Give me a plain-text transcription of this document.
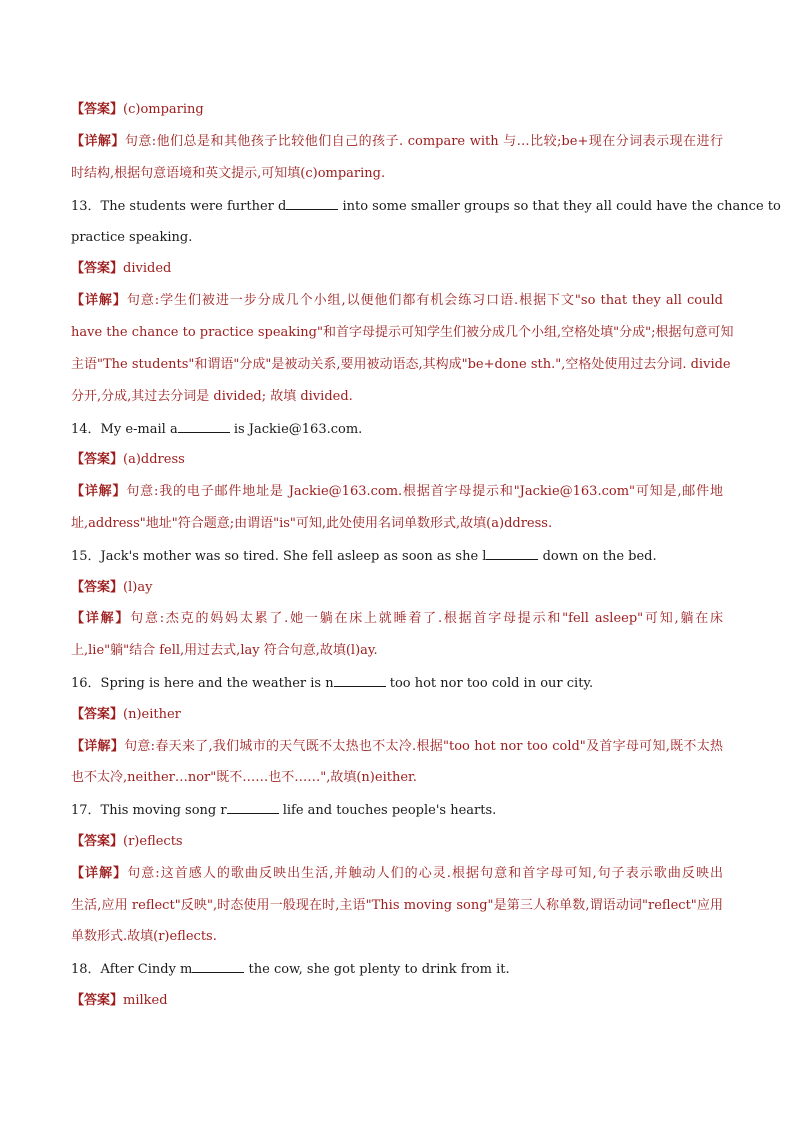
【答案】(c)omparing
【详解】句意:他们总是和其他孩子比较他们自己的孩子. compare with 与…比较;be+现在分词表示现在进行
时结构,根据句意语境和英文提示,可知填(c)omparing.
13．The students were further d	into some smaller groups so that they all could have the chance to
practice speaking.
【答案】divided
【详解】句意:学生们被进一步分成几个小组,以便他们都有机会练习口语.根据下文"so that they all could
have the chance to practice speaking"和首字母提示可知学生们被分成几个小组,空格处填"分成";根据句意可知
主语"The students"和谓语"分成"是被动关系,要用被动语态,其构成"be+done sth.",空格处使用过去分词. divide
分开,分成,其过去分词是 divided; 故填 divided.
14．My e-mail a	is Jackie@163.com.
【答案】(a)ddress
【详解】句意:我的电子邮件地址是 Jackie@163.com.根据首字母提示和"Jackie@163.com"可知是,邮件地
址,address"地址"符合题意;由谓语"is"可知,此处使用名词单数形式,故填(a)ddress.
15．Jack's mother was so tired. She fell asleep as soon as she l	down on the bed.
【答案】(l)ay
【详解】句意:杰克的妈妈太累了.她一躺在床上就睡着了.根据首字母提示和"fell asleep"可知,躺在床
上,lie"躺"结合 fell,用过去式,lay 符合句意,故填(l)ay.
16．Spring is here and the weather is n	too hot nor too cold in our city.
【答案】(n)either
【详解】句意:春天来了,我们城市的天气既不太热也不太冷.根据"too hot nor too cold"及首字母可知,既不太热
也不太冷,neither…nor"既不……也不……",故填(n)either.
17．This moving song r	life and touches people's hearts.
【答案】(r)eflects
【详解】句意:这首感人的歌曲反映出生活,并触动人们的心灵.根据句意和首字母可知,句子表示歌曲反映出
生活,应用 reflect"反映",时态使用一般现在时,主语"This moving song"是第三人称单数,谓语动词"reflect"应用
单数形式.故填(r)eflects.
18．After Cindy m	the cow, she got plenty to drink from it.
【答案】milked
